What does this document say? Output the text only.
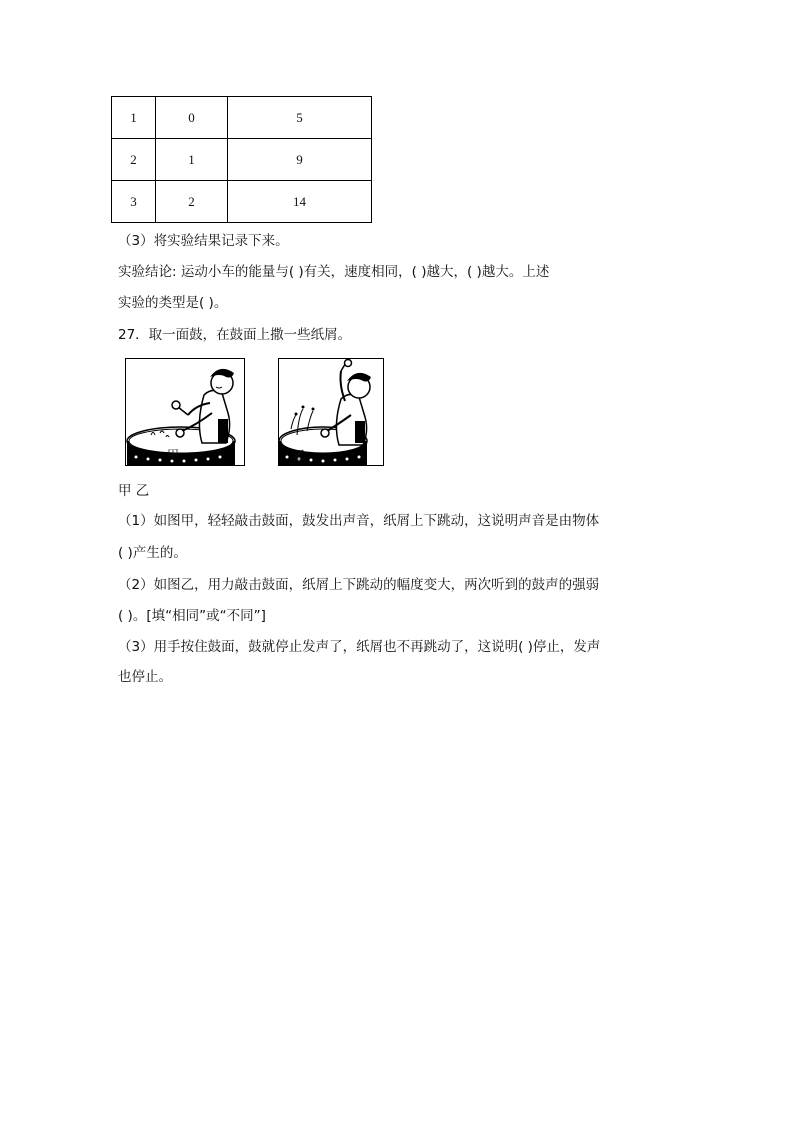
1	0	5
2	1	9
3	2	14
（3）将实验结果记录下来。
实验结论: 运动小车的能量与( )有关，速度相同，( )越大，( )越大。上述
实验的类型是( )。
27．取一面鼓，在鼓面上撒一些纸屑。
甲	乙
甲 乙
（1）如图甲，轻轻敲击鼓面，鼓发出声音，纸屑上下跳动，这说明声音是由物体
( )产生的。
（2）如图乙，用力敲击鼓面，纸屑上下跳动的幅度变大，两次听到的鼓声的强弱
( )。[填“相同”或“不同”]
（3）用手按住鼓面，鼓就停止发声了，纸屑也不再跳动了，这说明( )停止，发声
也停止。
